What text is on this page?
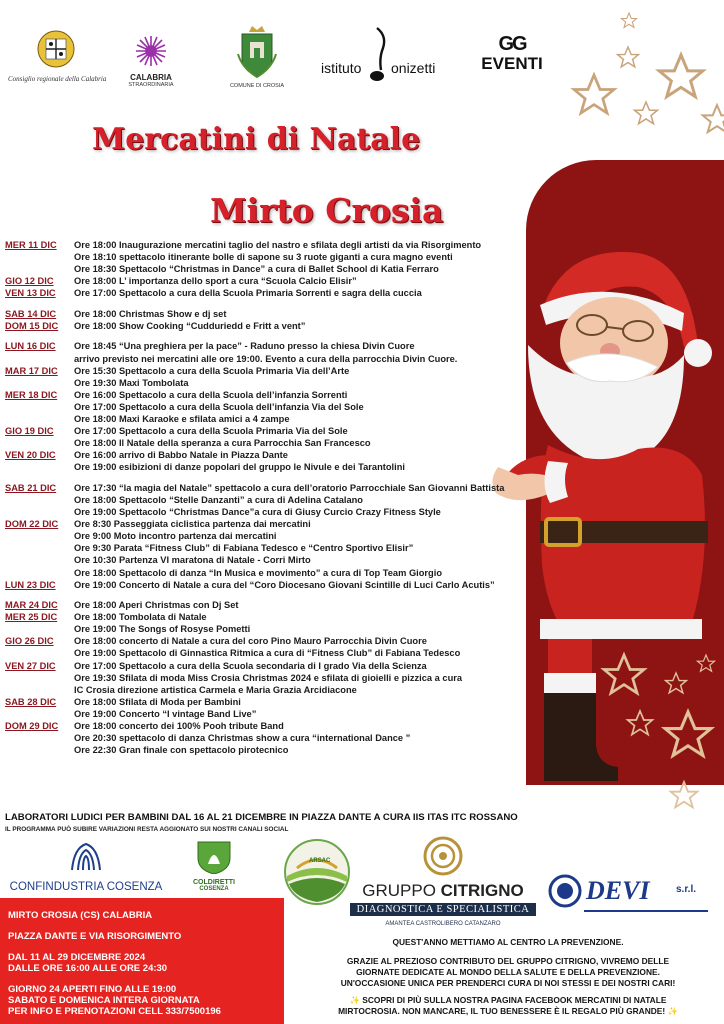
Consiglio regionale della Calabria	CALABRIA
STRAORDINARIA	COMUNE DI CROSIA
istituto onizetti
GG
EVENTI
Mercatini di Natale
Mirto Crosia
MER 11 DIC	Ore 18:00 Inaugurazione mercatini taglio del nastro e sfilata degli artisti da via Risorgimento
Ore 18:10 spettacolo itinerante bolle di sapone su 3 ruote giganti a cura magno eventi
Ore 18:30 Spettacolo “Christmas in Dance” a cura di Ballet School di Katia Ferraro
GIO 12 DIC	Ore 18:00 L’ importanza dello sport a cura “Scuola Calcio Elisir”
VEN 13 DIC	Ore 17:00 Spettacolo a cura della Scuola Primaria Sorrenti e sagra della cuccia
SAB 14 DIC	Ore 18:00 Christmas Show e dj set
DOM 15 DIC	Ore 18:00 Show Cooking “Cudduriedd e Fritt a vent”
LUN 16 DIC	Ore 18:45 “Una preghiera per la pace” - Raduno presso la chiesa Divin Cuore
arrivo previsto nei mercatini alle ore 19:00. Evento a cura della parrocchia Divin Cuore.
MAR 17 DIC	Ore 15:30 Spettacolo a cura della Scuola Primaria Via dell’Arte
Ore 19:30 Maxi Tombolata
MER 18 DIC	Ore 16:00 Spettacolo a cura della Scuola dell’infanzia Sorrenti
Ore 17:00 Spettacolo a cura della Scuola dell’infanzia Via del Sole
Ore 18:00 Maxi Karaoke e sfilata amici a 4 zampe
GIO 19 DIC	Ore 17:00 Spettacolo a cura della Scuola Primaria Via del Sole
Ore 18:00 Il Natale della speranza a cura Parrocchia San Francesco
VEN 20 DIC	Ore 16:00 arrivo di Babbo Natale in Piazza Dante
Ore 19:00 esibizioni di danze popolari del gruppo le Nivule e dei Tarantolini
SAB 21 DIC	Ore 17:30 “la magia del Natale” spettacolo a cura dell’oratorio Parrocchiale San Giovanni Battista
Ore 18:00 Spettacolo “Stelle Danzanti” a cura di Adelina Catalano
Ore 19:00 Spettacolo “Christmas Dance”a cura di Giusy Curcio Crazy Fitness Style
DOM 22 DIC	Ore 8:30 Passeggiata ciclistica partenza dai mercatini
Ore 9:00 Moto incontro partenza dai mercatini
Ore 9:30 Parata “Fitness Club” di Fabiana Tedesco e “Centro Sportivo Elisir”
Ore 10:30 Partenza VI maratona di Natale - Corri Mirto
Ore 18:00 Spettacolo di danza “In Musica e movimento” a cura di Top Team Giorgio
LUN 23 DIC	Ore 19:00 Concerto di Natale a cura del “Coro Diocesano Giovani Scintille di Luci Carlo Acutis”
MAR 24 DIC	Ore 18:00 Aperi Christmas con Dj Set
MER 25 DIC	Ore 18:00 Tombolata di Natale
Ore 19:00 The Songs of Rosyse Pometti
GIO 26 DIC	Ore 18:00 concerto di Natale a cura del coro Pino Mauro Parrocchia Divin Cuore
Ore 19:00 Spettacolo di Ginnastica Ritmica a cura di “Fitness Club” di Fabiana Tedesco
VEN 27 DIC	Ore 17:00 Spettacolo a cura della Scuola secondaria di I grado Via della Scienza
Ore 19:30 Sfilata di moda Miss Crosia Christmas 2024 e sfilata di gioielli e pizzica a cura
IC Crosia direzione artistica Carmela e Maria Grazia Arcidiacone
SAB 28 DIC	Ore 18:00 Sfilata di Moda per Bambini
Ore 19:00 Concerto “I vintage Band Live”
DOM 29 DIC	Ore 18:00 concerto dei 100% Pooh tribute Band
Ore 20:30 spettacolo di danza Christmas show a cura “international Dance ”
Ore 22:30 Gran finale con spettacolo pirotecnico
LABORATORI LUDICI PER BAMBINI DAL 16 AL 21 DICEMBRE IN PIAZZA DANTE A CURA IIS ITAS ITC ROSSANO
IL PROGRAMMA PUÒ SUBIRE VARIAZIONI RESTA AGGIONATO SUI NOSTRI CANALI SOCIAL
CONFINDUSTRIA COSENZA	COLDIRETTI
COSENZA
ARSAC
GRUPPO CITRIGNO
DIAGNOSTICA E SPECIALISTICA
AMANTEA CASTROLIBERO CATANZARO
DEVI	s.r.l.
MIRTO CROSIA (CS) CALABRIA
PIAZZA DANTE E VIA RISORGIMENTO
DAL 11 AL 29 DICEMBRE 2024
DALLE ORE 16:00 ALLE ORE 24:30
GIORNO 24 APERTI FINO ALLE 19:00
SABATO E DOMENICA INTERA GIORNATA
PER INFO E PRENOTAZIONI CELL 333/7500196
QUEST'ANNO METTIAMO AL CENTRO LA PREVENZIONE.
GRAZIE AL PREZIOSO CONTRIBUTO DEL GRUPPO CITRIGNO, VIVREMO DELLE
GIORNATE DEDICATE AL MONDO DELLA SALUTE E DELLA PREVENZIONE.
UN'OCCASIONE UNICA PER PRENDERCI CURA DI NOI STESSI E DEI NOSTRI CARI!
✨ SCOPRI DI PIÙ SULLA NOSTRA PAGINA FACEBOOK MERCATINI DI NATALE
MIRTOCROSIA. NON MANCARE, IL TUO BENESSERE È IL REGALO PIÙ GRANDE! ✨
